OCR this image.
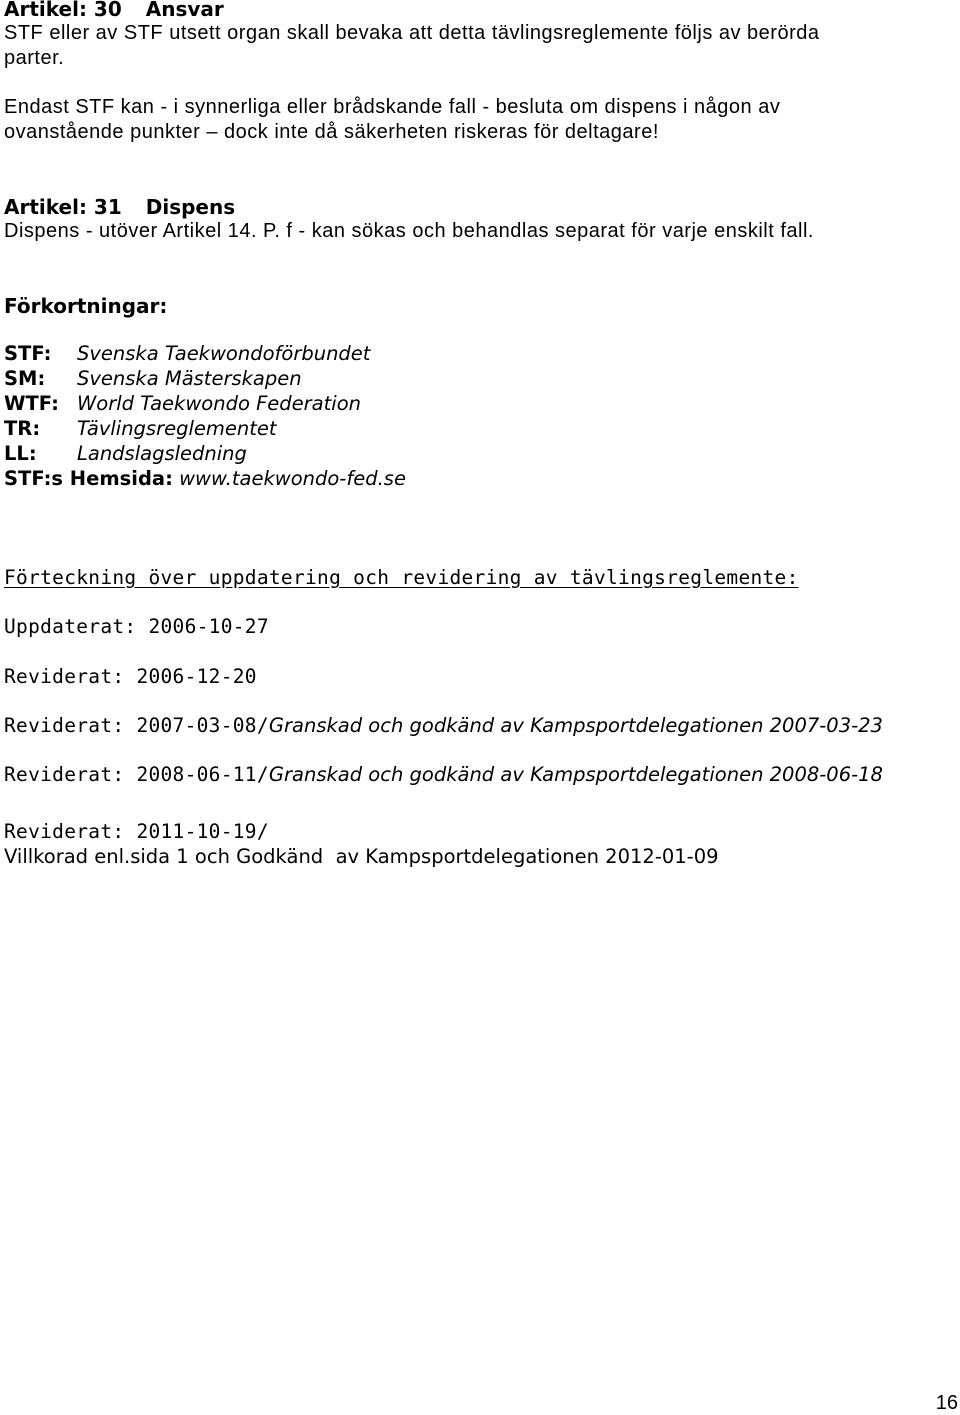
Artikel: 30 Ansvar
STF eller av STF utsett organ skall bevaka att detta tävlingsreglemente följs av berörda
parter.
Endast STF kan - i synnerliga eller brådskande fall - besluta om dispens i någon av
ovanstående punkter – dock inte då säkerheten riskeras för deltagare!
Artikel: 31 Dispens
Dispens - utöver Artikel 14. P. f - kan sökas och behandlas separat för varje enskilt fall.
Förkortningar:
STF: Svenska Taekwondoförbundet
SM: Svenska Mästerskapen
WTF: World Taekwondo Federation
TR: Tävlingsreglementet
LL: Landslagsledning
STF:s Hemsida: www.taekwondo-fed.se
Förteckning över uppdatering och revidering av tävlingsreglemente:
Uppdaterat: 2006-10-27
Reviderat: 2006-12-20
Reviderat: 2007-03-08/Granskad och godkänd av Kampsportdelegationen 2007-03-23
Reviderat: 2008-06-11/Granskad och godkänd av Kampsportdelegationen 2008-06-18
Reviderat: 2011-10-19/
Villkorad enl.sida 1 och Godkänd  av Kampsportdelegationen 2012-01-09
16
